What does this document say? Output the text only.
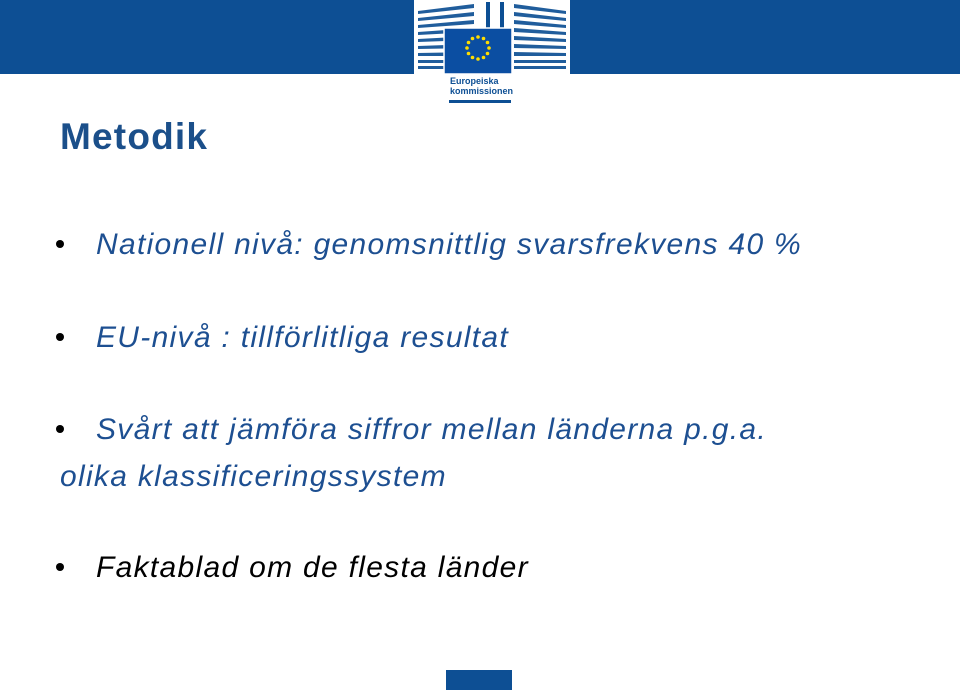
Europeiska
kommissionen
Metodik
Nationell nivå: genomsnittlig svarsfrekvens 40 %
EU-nivå : tillförlitliga resultat
Svårt att jämföra siffror mellan länderna p.g.a.
Faktablad om de flesta länder
olika klassificeringssystem
